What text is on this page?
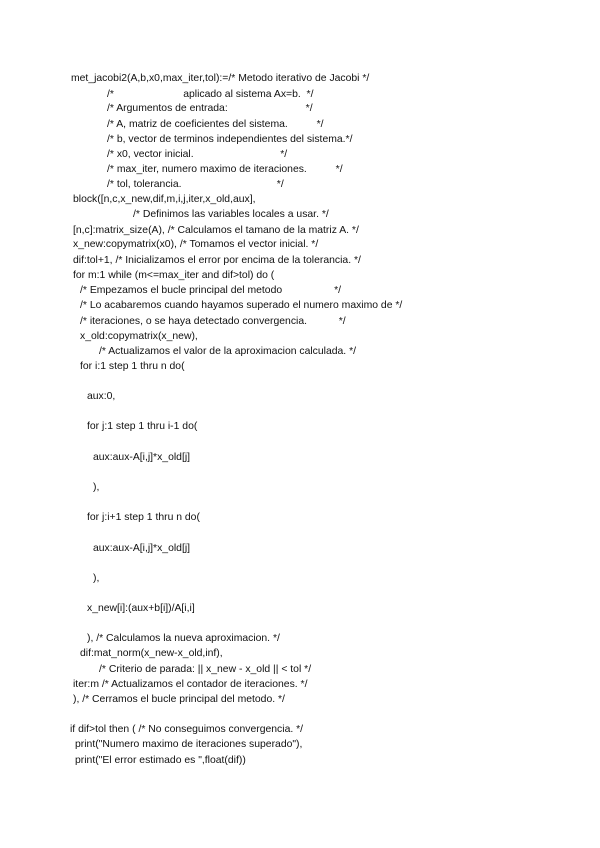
met_jacobi2(A,b,x0,max_iter,tol):=/* Metodo iterativo de Jacobi */
/*                        aplicado al sistema Ax=b.  */
/* Argumentos de entrada:                           */
/* A, matriz de coeficientes del sistema.          */
/* b, vector de terminos independientes del sistema.*/
/* x0, vector inicial.                              */
/* max_iter, numero maximo de iteraciones.          */
/* tol, tolerancia.                                 */
block([n,c,x_new,dif,m,i,j,iter,x_old,aux],
/* Definimos las variables locales a usar. */
[n,c]:matrix_size(A), /* Calculamos el tamano de la matriz A. */
x_new:copymatrix(x0), /* Tomamos el vector inicial. */
dif:tol+1, /* Inicializamos el error por encima de la tolerancia. */
for m:1 while (m<=max_iter and dif>tol) do (
/* Empezamos el bucle principal del metodo                  */
/* Lo acabaremos cuando hayamos superado el numero maximo de */
/* iteraciones, o se haya detectado convergencia.           */
x_old:copymatrix(x_new),
/* Actualizamos el valor de la aproximacion calculada. */
for i:1 step 1 thru n do(
aux:0,
for j:1 step 1 thru i-1 do(
aux:aux-A[i,j]*x_old[j]
),
for j:i+1 step 1 thru n do(
aux:aux-A[i,j]*x_old[j]
),
x_new[i]:(aux+b[i])/A[i,i]
), /* Calculamos la nueva aproximacion. */
dif:mat_norm(x_new-x_old,inf),
/* Criterio de parada: || x_new - x_old || < tol */
iter:m /* Actualizamos el contador de iteraciones. */
), /* Cerramos el bucle principal del metodo. */
if dif>tol then ( /* No conseguimos convergencia. */
print("Numero maximo de iteraciones superado"),
print("El error estimado es ",float(dif))
